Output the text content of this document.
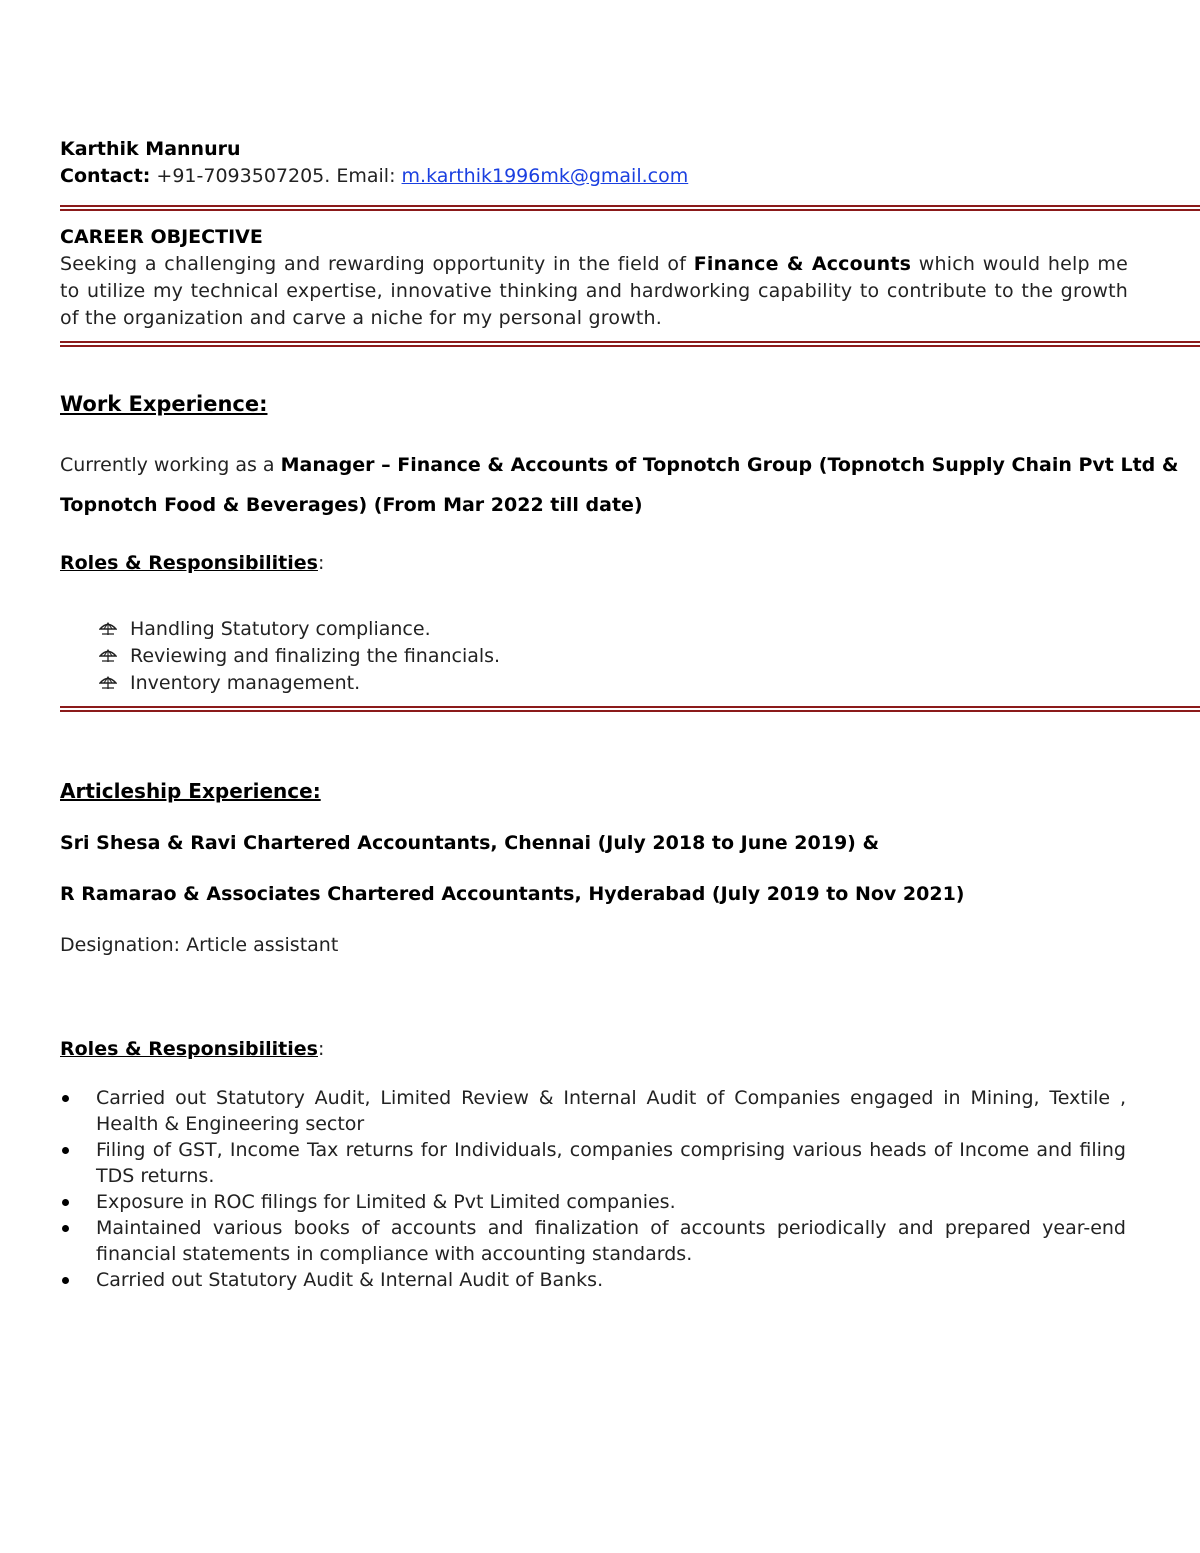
Karthik Mannuru
Contact: +91-7093507205. Email: m.karthik1996mk@gmail.com
CAREER OBJECTIVE
Seeking a challenging and rewarding opportunity in the field of Finance & Accounts which would help me to utilize my technical expertise, innovative thinking and hardworking capability to contribute to the growth of the organization and carve a niche for my personal growth.
Work Experience:
Currently working as a Manager – Finance & Accounts of Topnotch Group (Topnotch Supply Chain Pvt Ltd &
Topnotch Food & Beverages) (From Mar 2022 till date)
Roles & Responsibilities:
Handling Statutory compliance.
Reviewing and finalizing the financials.
Inventory management.
Articleship Experience:
Sri Shesa & Ravi Chartered Accountants, Chennai (July 2018 to June 2019) &
R Ramarao & Associates Chartered Accountants, Hyderabad (July 2019 to Nov 2021)
Designation: Article assistant
Roles & Responsibilities:
Carried out Statutory Audit, Limited Review & Internal Audit of Companies engaged in Mining, Textile , Health & Engineering sector
Filing of GST, Income Tax returns for Individuals, companies comprising various heads of Income and filing TDS returns.
Exposure in ROC filings for Limited & Pvt Limited companies.
Maintained various books of accounts and finalization of accounts periodically and prepared year-end financial statements in compliance with accounting standards.
Carried out Statutory Audit & Internal Audit of Banks.
